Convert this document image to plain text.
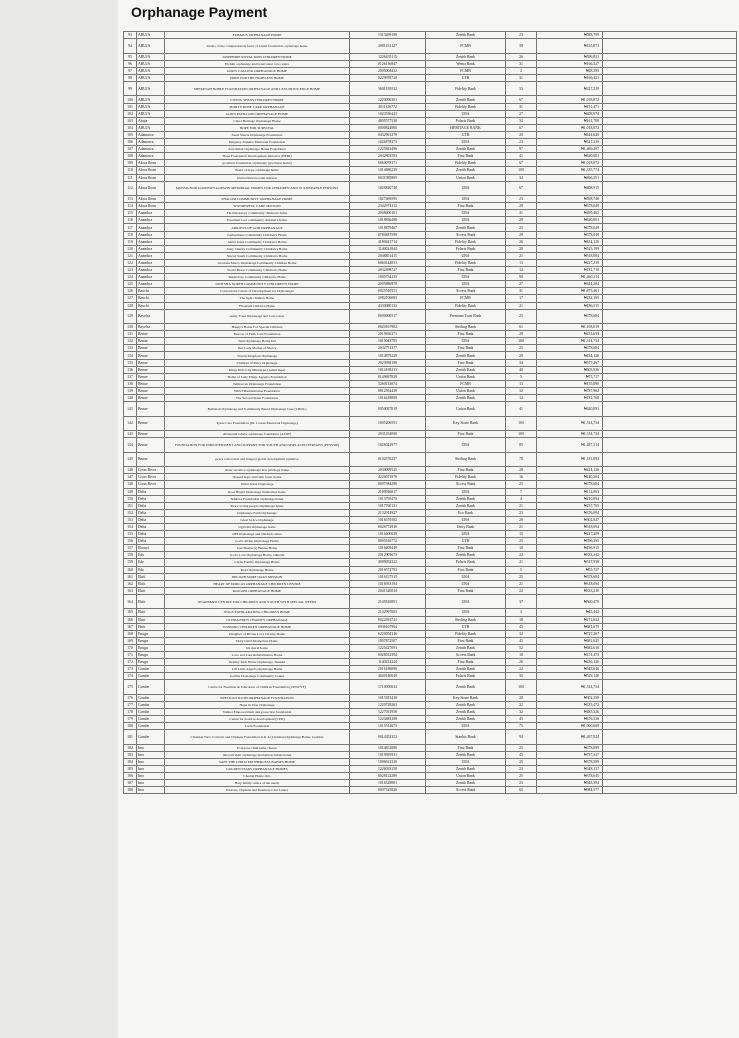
Orphanage Payment
93	ABUJA	EMMAUS ORPHANAGE HOME	1313269199	Zenith Bank	23	₦588,799	
94	ABUJA	Sisters of the compassionate heart of Christ foundation orphanage home	2081152127	FCMB	39	₦155,871	
95	ABUJA	JOSEPHINE ROYAL KIDS CHILDREN HOME	1226435115	Zenith Bank	26	₦599,831	
96	ABUJA	Elohim orphanage and benevolent care centre	0126136847	Wema Bank	31	₦166,327	
97	ABUJA	GOD'S CALLING ORPHANAGE HOME	2005004432	FCMB	2	₦28,295	
98	ABUJA	HOPE FOR THE HOPELESS HOME	0229978720	GTB	31	₦166,421	
99	ABUJA	SHEKINAH NOBLE FOUNDATION ORPHANAGE AND LESS PRIVILEDGE HOME	5601159532	Fidelity Bank	33	₦227,219	
100	ABUJA	LIVING SEEDS CHILDREN HOME	1220096301	Zenith Bank	67	₦1,018,872	
101	ABUJA	PURITY ROSE CARE ORPHANAGE	4011126772	Fidelity Bank	31	₦151,471	
102	ABUJA	GOD'S PAVILLION ORPHANAGE HOME	1023536443	UBA	27	₦408,974	
103	Abuja	Chero Heritage Orphanage Home	4005577538	Polaris Bank	34	₦161,708	
104	ABUJA	HOPE FOR SURVIVAL	0000824880	HERITAGE BANK	67	₦1,018,872	
105	Adamawa	Sauri Sisters Orphanage Foundation	0432961278	GTB	20	₦444,620	
106	Adamawa	Kingsley Zamabe Memorial Foundation	1026878373	UBA	23	₦327,210	
107	Adamawa	Asta Rebel Orphanage Home Foundation	1225821496	Zenith Bank	97	₦1,469,297	
108	Adamawa	Hope Foundation Development Initiative (HFDI)	2042803593	First Bank	41	₦620,081	
109	Akwa Ibom	goodness foundation orphanage (goodness home)	6060078171	Fidelity Bank	67	₦1,018,872	
110	Akwa Ibom	Bond of hope orphanage home	1014686239	Zenith Bank	100	₦1,335,774	
111	Akwa Ibom	Global Rescue team mission	0031985805	Union Bank	34	₦466,251	
112	Akwa Ibom	MONSIGNOR GOODWIN GODWIN MEMORIAL HOMES FOR CHILDREN AND VULNERABLE PERSONS	1026820740	UBA	67	₦408,915	
113	Akwa Ibom	SHALOM COMMUNITY ORPHANAGE HOME	1027469595	UBA	23	₦598,746	
114	Akwa Ibom	WONDERFUL CARE MISSION	2342973312	First Bank	29	₦378,049	
115	Anambra	Fin missionary community children's home	2008400101	UBA	31	₦499,462	
116	Anambra	Excellent love community children's home	1018836498	UBA	29	₦620,001	
117	Anambra	ARROWS OF GOD ORPHANAGE	1018879467	Zenith Bank	25	₦378,049	
118	Anambra	Gethsemane Community Children's Home	0780487590	Access Bank	29	₦378,048	
119	Anambra	Jehter Jesus Community Children's Home	4180441714	Fidelity Bank	26	₦434,126	
120	Anambra	Justy Charity Community Children's Home	1140021844	Polaris Bank	28	₦525,199	
121	Anambra	Nnewi South Community Children's Home	2048851415	UBA	21	₦518,094	
122	Anambra	Gloriana Mercy Orphanage Community Children Home	6060142051	Fidelity Bank	13	₦227,219	
123	Anambra	World Peace Community Children's Home	2032498727	First Bank	12	₦181,718	
124	Anambra	Tenderlove Community Children's Home	1005734233	UBA	90	₦1,460,314	
125	Anambra	ONITSHA NORTH COMMUNITY CHILDREN'S HOME	2005886970	UBA	27	₦444,284	
126	Bauchi	Cornerstone Centre of Development for Orphanages	0025510551	Access Bank	31	₦1,675,461	
127	Bauchi	The light children Home	2082106083	FCMB	17	₦232,105	
128	Bauchi	Elizabeth Children Home	4330080132	Fidelity Bank	21	₦186,515	
129	Bayelsa	Army Trust Orphanage and Care Giver	0000000517	Premium Trust Bank	25	₦378,684	
130	Bayelsa	Hanny's Home For Special Children	0020167982	Sterling Bank	61	₦1,108,019	
131	Benue	Beacon of Faith Care Foundation	2019636371	First Bank	29	₦453,659	
132	Benue	Trial Orphanage Home Intl	1019045785	UBA	100	₦1,314,734	
133	Benue	Our Lady Mother of Mercy	2032751377	First Bank	25	₦378,684	
134	Benue	Tavern Kingdom Orphanage	1014879229	Zenith Bank	29	₦434,126	
135	Benue	Children of Mary Orphanage	2023958199	First Bank	34	₦577,267	
136	Benue	Kings Kids City Ministries (Adam Ikpe)	1014169213	Zenith Bank	40	₦605,936	
137	Benue	Home of Lady Emeje Agogbo Foundation	0149697829	Union Bank	5	₦75,717	
138	Benue	Tefmaccen Orphanage Foundation	5260133074	FCMB	13	₦155,890	
139	Benue	NKST Humanitarian Foundation	0012592439	Union Bank	32	₦787,962	
140	Benue	The Second Sister Foundation	1016418009	Zenith Bank	12	₦181,768	
141	Benue	Bethshalt Orphanage and Community Based Orphanage Care (CBOC)	0050057819	Union Bank	41	₦620,091	
142	Benue	Tyeze Care Foundation (Dr. Lawan Memorial Orphanage)	1005206591	Key Stone Bank	100	₦1,314,734	
143	Benue	Ahderenel rahabe orphanage foundation (AZOF)	2031454000	First Bank	100	₦1,314,734	
144	Benue	FOUNDATION FOR EMPOWERMENT AND SUPPORT FOR YOUTH AND DISPLACED PERSONS (FESYDP)	1026022977	UBA	85	₦1,287,314	
145	Benue	peace restoration and integral global development initiative	0102576237	Sterling Bank	78	₦1,181,093	
146	Cross River	sister veronica orphanage less privilege home	2030099545	First Bank	28	₦424,126	
147	Cross River	blessed hope and faith foster home	4220071976	Fidelity Bank	16	₦240,304	
148	Cross River	Infant Jesus Orphanage	0007384298	Access Bank	25	₦378,684	
149	Delta	Rose Bright Orphanage motherless home	2100926017	UBA	7	₦112,063	
150	Delta	Ndebwa Foundation orphanage home	1013795470	Zenith Bank	4	₦210,094	
151	Delta	Peace loving people Orphanage home	1017760121	Zenith Bank	21	₦237,705	
152	Delta	Orphanage Faith Orphanage	2132014927	Eco Bank	23	₦376,094	
153	Delta	Great Grace Orphanage	1016370582	UBA	20	₦302,927	
154	Delta	Ugli Ohi Orphanage home	0026772930	Unity Bank	21	₦318,094	
155	Delta	OBI Orphanage and children centre	1016400639	UBA	15	₦227,209	
156	Delta	God's divine Orphanage Home	0095516772	GTB	25	₦396,395	
157	Ebonyi	Joel Mother(s) Babies Home	1016409449	First Bank	10	₦196,915	
158	Edo	God's Love Orphanage Home, Okpella	2012903673	Zenith Bank	22	₦333,242	
159	Edo	Christ Family Orphanage Home	4009052322	Polaris Bank	21	₦317,938	
160	Edo	Pearl Orphanage Home	2016572793	First Bank	5	₦55,737	
161	Ekiti	DELIGHTSOME OAKS MISSION	1016157515	UBA	25	₦378,684	
162	Ekiti	HEART OF DORCAS ORPHANAGE CHILDREN CENTRE	1016933194	UBA	21	₦318,094	
163	Ekiti	IKOGOSI ORPHANAGE HOME	2041320034	First Bank	22	₦333,210	
164	Ekiti	ONAEBMPO CENTRE FOR CHILDREN AND YOUTH WITH SPECIAL NEEDS	2145810891	UBA	37	₦560,479	
165	Ekiti	JESUS EXHILARATING CHILDREN HOME	2142997003	UBA	3	₦45,442	
166	Ekiti	UCHIJA EBUN CHARITY ORPHANAGE	0022391741	Sterling Bank	18	₦272,632	
167	Ekiti	WINNING CHILDREN ORPHANAGE HOME	0036167964	GTB	45	₦681,675	
168	Enugu	Daughter of Divine Love Charity Home	6220054346	Fidelity Bank	32	₦727,267	
169	Enugu	Holy Child Motherless Home	1007872507	First Bank	45	₦681,625	
170	Enugu	his moral home	1225427091	Zenith Bank	52	₦682,610	
171	Enugu	Love and Care Rehabilitation Home	0028012394	Access Bank	10	₦151,473	
172	Enugu	Destiny Kids Home Orphanage, Nsukka	1140252244	First Bank	26	₦436,126	
173	Gombe	Lift Little Angel's Orphanage Home	2016186090	Zenith Bank	22	₦348,646	
174	Gombe	Gombe Orphanage Community Centre	4040140049	Polaris Bank	35	₦529,140	
175	Gombe	Centre for Nutrition & Education of Children Foundation (CENCYF)	1710050634	Zenith Bank	100	₦1,314,734	
176	Gombe	PRECIOUS RUTH ORPHANAGE FOUNDATION	1013381418	Key Stone Bank	20	₦302,358	
177	Gombe	Hope in Zion Orphanage	1220728263	Zenith Bank	22	₦335,472	
178	Gombe	Yuhina Empowerment and protection foundation	1227031958	Zenith Bank	32	₦485,326	
179	Gombe	Centre for positive development (CPD)	1223483108	Zenith Bank	45	₦676,536	
180	Gombe	Lurin Foundation	1015512673	UBA	75	₦1,000,609	
181	Gombe	Christian New Converts and Orphans Foundation A.K.A (Christian Orphanage Home, Gombe)	0014352352	Stanbic Bank	94	₦1,267,924	
182	Imo	Everyone child same chance	1014652890	First Bank	25	₦378,899	
183	Imo	jehovah shalt orphanage motherless babies home	1019595931	Zenith Bank	45	₦737,337	
184	Imo	SAFE THE CHILD MOTHERLESS BABIES HOME	1006612329	UBA	25	₦378,599	
185	Imo	GOLDEN STARS ORPHANAGE HOMES	1226033158	Zenith Bank	23	₦348,137	
186	Imo	Cherish Home Orts	0028122289	Union Bank	25	₦378,645	
187	Imo	Holy family centre of the needy	1016528881	Zenith Bank	23	₦348,394	
188	Imo	Widows, Orphans and Destitute Care Centre	0007325826	Access Bank	65	₦984,577	
